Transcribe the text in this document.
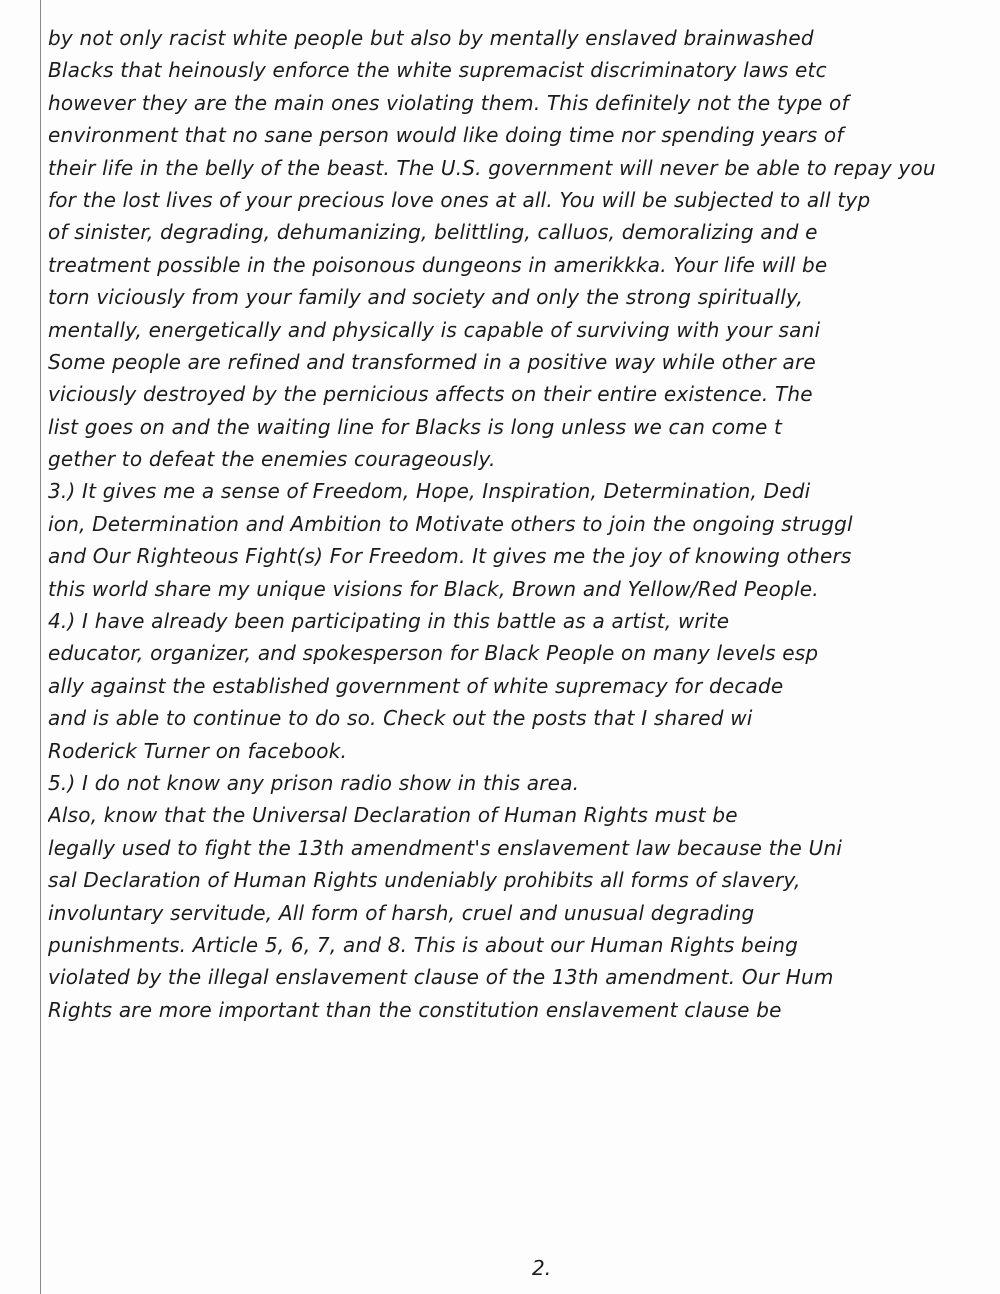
by not only racist white people but also by mentally enslaved brainwashed
Blacks that heinously enforce the white supremacist discriminatory laws etc
however they are the main ones violating them. This definitely not the type of
environment that no sane person would like doing time nor spending years of
their life in the belly of the beast. The U.S. government will never be able to repay you
for the lost lives of your precious love ones at all. You will be subjected to all typ
of sinister, degrading, dehumanizing, belittling, calluos, demoralizing and e
treatment possible in the poisonous dungeons in amerikkka. Your life will be
torn viciously from your family and society and only the strong spiritually,
mentally, energetically and physically is capable of surviving with your sani
Some people are refined and transformed in a positive way while other are
viciously destroyed by the pernicious affects on their entire existence. The
list goes on and the waiting line for Blacks is long unless we can come t
gether to defeat the enemies courageously.
3.) It gives me a sense of Freedom, Hope, Inspiration, Determination, Dedi
ion, Determination and Ambition to Motivate others to join the ongoing struggl
and Our Righteous Fight(s) For Freedom. It gives me the joy of knowing others
this world share my unique visions for Black, Brown and Yellow/Red People.
4.) I have already been participating in this battle as a artist, write
educator, organizer, and spokesperson for Black People on many levels esp
ally against the established government of white supremacy for decade
and is able to continue to do so. Check out the posts that I shared wi
Roderick Turner on facebook.
5.) I do not know any prison radio show in this area.
Also, know that the Universal Declaration of Human Rights must be
legally used to fight the 13th amendment's enslavement law because the Uni
sal Declaration of Human Rights undeniably prohibits all forms of slavery,
involuntary servitude, All form of harsh, cruel and unusual degrading
punishments. Article 5, 6, 7, and 8. This is about our Human Rights being
violated by the illegal enslavement clause of the 13th amendment. Our Hum
Rights are more important than the constitution enslavement clause be
2.
